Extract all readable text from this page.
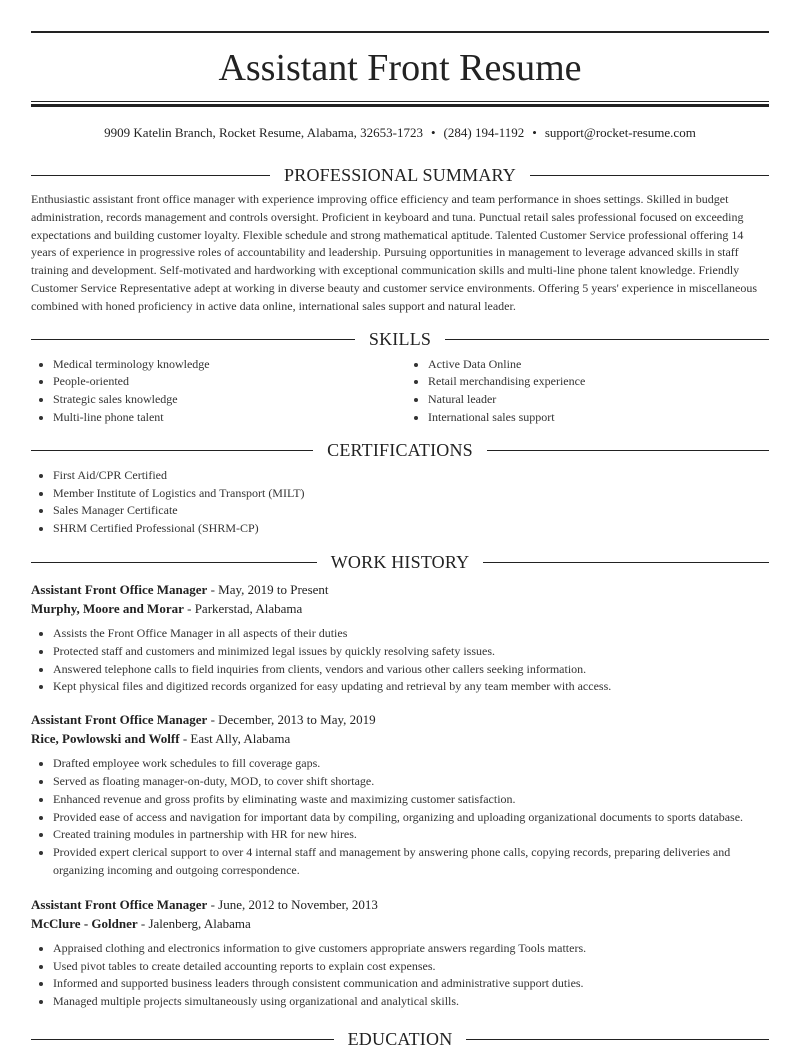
Assistant Front Resume
9909 Katelin Branch, Rocket Resume, Alabama, 32653-1723 • (284) 194-1192 • support@rocket-resume.com
PROFESSIONAL SUMMARY
Enthusiastic assistant front office manager with experience improving office efficiency and team performance in shoes settings. Skilled in budget administration, records management and controls oversight. Proficient in keyboard and tuna. Punctual retail sales professional focused on exceeding expectations and building customer loyalty. Flexible schedule and strong mathematical aptitude. Talented Customer Service professional offering 14 years of experience in progressive roles of accountability and leadership. Pursuing opportunities in management to leverage advanced skills in staff training and development. Self-motivated and hardworking with exceptional communication skills and multi-line phone talent knowledge. Friendly Customer Service Representative adept at working in diverse beauty and customer service environments. Offering 5 years' experience in miscellaneous combined with honed proficiency in active data online, international sales support and natural leader.
SKILLS
• Medical terminology knowledge
• People-oriented
• Strategic sales knowledge
• Multi-line phone talent
• Active Data Online
• Retail merchandising experience
• Natural leader
• International sales support
CERTIFICATIONS
• First Aid/CPR Certified
• Member Institute of Logistics and Transport (MILT)
• Sales Manager Certificate
• SHRM Certified Professional (SHRM-CP)
WORK HISTORY
Assistant Front Office Manager - May, 2019 to Present
Murphy, Moore and Morar - Parkerstad, Alabama
• Assists the Front Office Manager in all aspects of their duties
• Protected staff and customers and minimized legal issues by quickly resolving safety issues.
• Answered telephone calls to field inquiries from clients, vendors and various other callers seeking information.
• Kept physical files and digitized records organized for easy updating and retrieval by any team member with access.
Assistant Front Office Manager - December, 2013 to May, 2019
Rice, Powlowski and Wolff - East Ally, Alabama
• Drafted employee work schedules to fill coverage gaps.
• Served as floating manager-on-duty, MOD, to cover shift shortage.
• Enhanced revenue and gross profits by eliminating waste and maximizing customer satisfaction.
• Provided ease of access and navigation for important data by compiling, organizing and uploading organizational documents to sports database.
• Created training modules in partnership with HR for new hires.
• Provided expert clerical support to over 4 internal staff and management by answering phone calls, copying records, preparing deliveries and organizing incoming and outgoing correspondence.
Assistant Front Office Manager - June, 2012 to November, 2013
McClure - Goldner - Jalenberg, Alabama
• Appraised clothing and electronics information to give customers appropriate answers regarding Tools matters.
• Used pivot tables to create detailed accounting reports to explain cost expenses.
• Informed and supported business leaders through consistent communication and administrative support duties.
• Managed multiple projects simultaneously using organizational and analytical skills.
EDUCATION
